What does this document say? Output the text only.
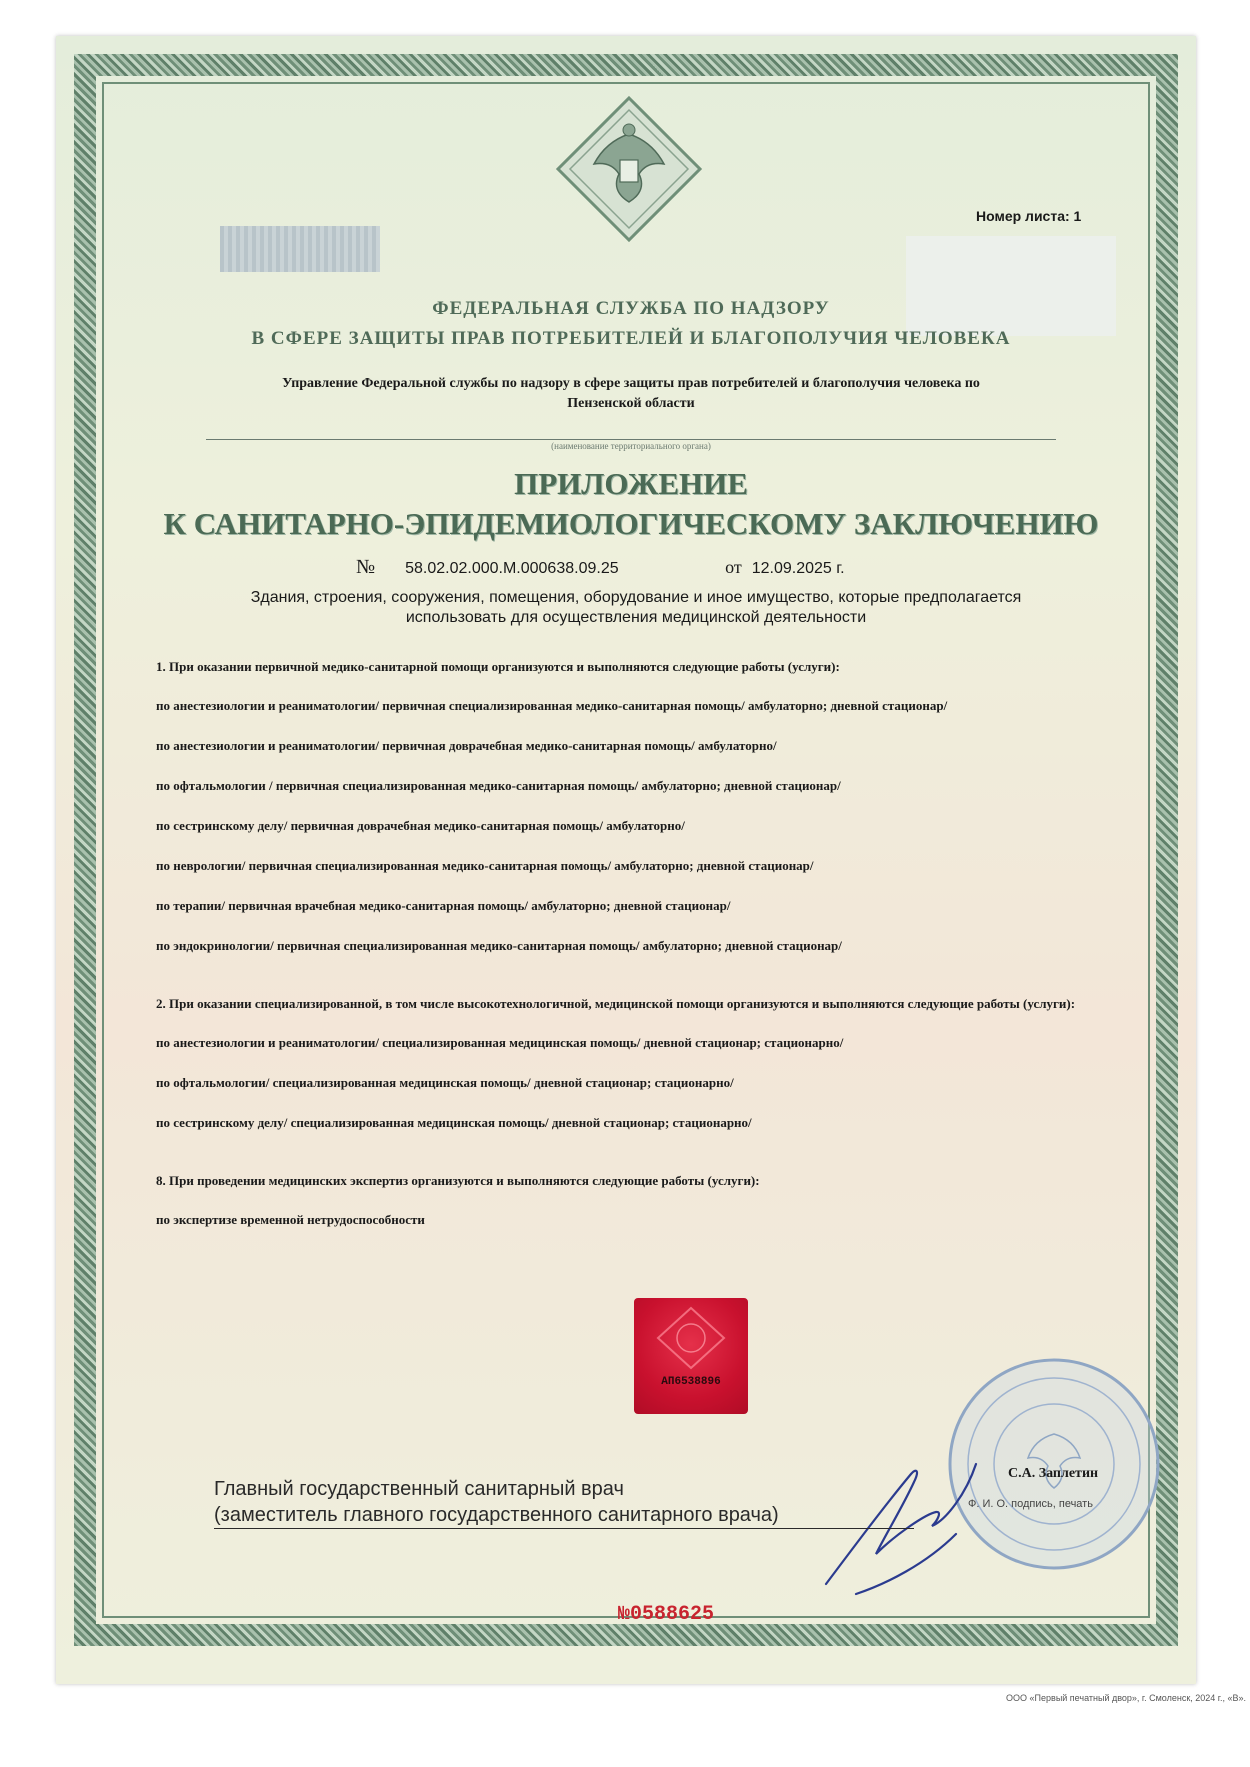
Номер листа: 1
ФЕДЕРАЛЬНАЯ СЛУЖБА ПО НАДЗОРУ
В СФЕРЕ ЗАЩИТЫ ПРАВ ПОТРЕБИТЕЛЕЙ И БЛАГОПОЛУЧИЯ ЧЕЛОВЕКА
Управление Федеральной службы по надзору в сфере защиты прав потребителей и благополучия человека по
Пензенской области
(наименование территориального органа)
ПРИЛОЖЕНИЕ
К САНИТАРНО-ЭПИДЕМИОЛОГИЧЕСКОМУ ЗАКЛЮЧЕНИЮ
№ 58.02.02.000.М.000638.09.25	от 12.09.2025 г.
Здания, строения, сооружения, помещения, оборудование и иное имущество, которые предполагается
использовать для осуществления медицинской деятельности
1. При оказании первичной медико-санитарной помощи организуются и выполняются следующие работы (услуги):
по анестезиологии и реаниматологии/ первичная специализированная медико-санитарная помощь/ амбулаторно; дневной стационар/
по анестезиологии и реаниматологии/ первичная доврачебная медико-санитарная помощь/ амбулаторно/
по офтальмологии / первичная специализированная медико-санитарная помощь/ амбулаторно; дневной стационар/
по сестринскому делу/ первичная доврачебная медико-санитарная помощь/ амбулаторно/
по неврологии/ первичная специализированная медико-санитарная помощь/ амбулаторно; дневной стационар/
по терапии/ первичная врачебная медико-санитарная помощь/ амбулаторно; дневной стационар/
по эндокринологии/ первичная специализированная медико-санитарная помощь/ амбулаторно; дневной стационар/
2. При оказании специализированной, в том числе высокотехнологичной, медицинской помощи организуются и выполняются следующие работы (услуги):
по анестезиологии и реаниматологии/ специализированная медицинская помощь/ дневной стационар; стационарно/
по офтальмологии/ специализированная медицинская помощь/ дневной стационар; стационарно/
по сестринскому делу/ специализированная медицинская помощь/ дневной стационар; стационарно/
8. При проведении медицинских экспертиз организуются и выполняются следующие работы (услуги):
по экспертизе временной нетрудоспособности
АП6538896
Главный государственный санитарный врач
(заместитель главного государственного санитарного врача)
С.А. Заплетин
Ф. И. О. подпись, печать
№0588625
ООО «Первый печатный двор», г. Смоленск, 2024 г., «В».
